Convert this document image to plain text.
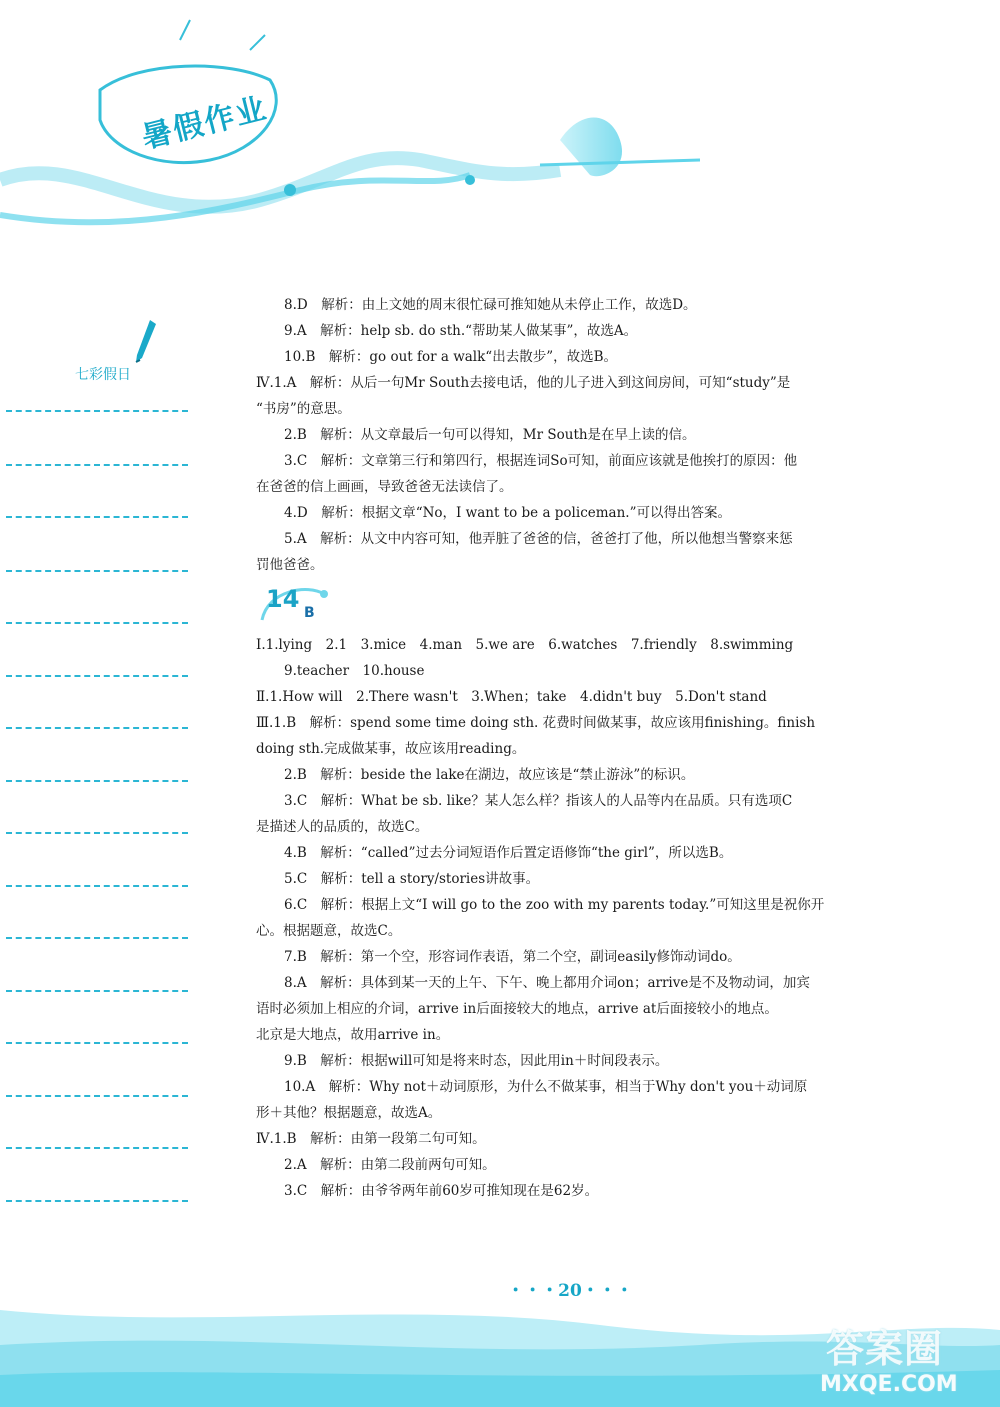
暑假作业
七彩假日
8.D　解析：由上文她的周末很忙碌可推知她从未停止工作，故选D。
9.A　解析：help sb. do sth.“帮助某人做某事”，故选A。
10.B　解析：go out for a walk“出去散步”，故选B。
Ⅳ.1.A　解析：从后一句Mr South去接电话，他的儿子进入到这间房间，可知“study”是
“书房”的意思。
2.B　解析：从文章最后一句可以得知，Mr South是在早上读的信。
3.C　解析：文章第三行和第四行，根据连词So可知，前面应该就是他挨打的原因：他
在爸爸的信上画画，导致爸爸无法读信了。
4.D　解析：根据文章“No，I want to be a policeman.”可以得出答案。
5.A　解析：从文中内容可知，他弄脏了爸爸的信，爸爸打了他，所以他想当警察来惩
罚他爸爸。
14 B
Ⅰ.1.lying　2.1　3.mice　4.man　5.we are　6.watches　7.friendly　8.swimming
9.teacher　10.house
Ⅱ.1.How will　2.There wasn't　3.When；take　4.didn't buy　5.Don't stand
Ⅲ.1.B　解析：spend some time doing sth. 花费时间做某事，故应该用finishing。finish
doing sth.完成做某事，故应该用reading。
2.B　解析：beside the lake在湖边，故应该是“禁止游泳”的标识。
3.C　解析：What be sb. like？某人怎么样？指该人的人品等内在品质。只有选项C
是描述人的品质的，故选C。
4.B　解析：“called”过去分词短语作后置定语修饰“the girl”，所以选B。
5.C　解析：tell a story/stories讲故事。
6.C　解析：根据上文“I will go to the zoo with my parents today.”可知这里是祝你开
心。根据题意，故选C。
7.B　解析：第一个空，形容词作表语，第二个空，副词easily修饰动词do。
8.A　解析：具体到某一天的上午、下午、晚上都用介词on；arrive是不及物动词，加宾
语时必须加上相应的介词，arrive in后面接较大的地点，arrive at后面接较小的地点。
北京是大地点，故用arrive in。
9.B　解析：根据will可知是将来时态，因此用in＋时间段表示。
10.A　解析：Why not＋动词原形，为什么不做某事，相当于Why don't you＋动词原
形＋其他？根据题意，故选A。
Ⅳ.1.B　解析：由第一段第二句可知。
2.A　解析：由第二段前两句可知。
3.C　解析：由爷爷两年前60岁可推知现在是62岁。
・・・20・・・
答案圈
MXQE.COM
